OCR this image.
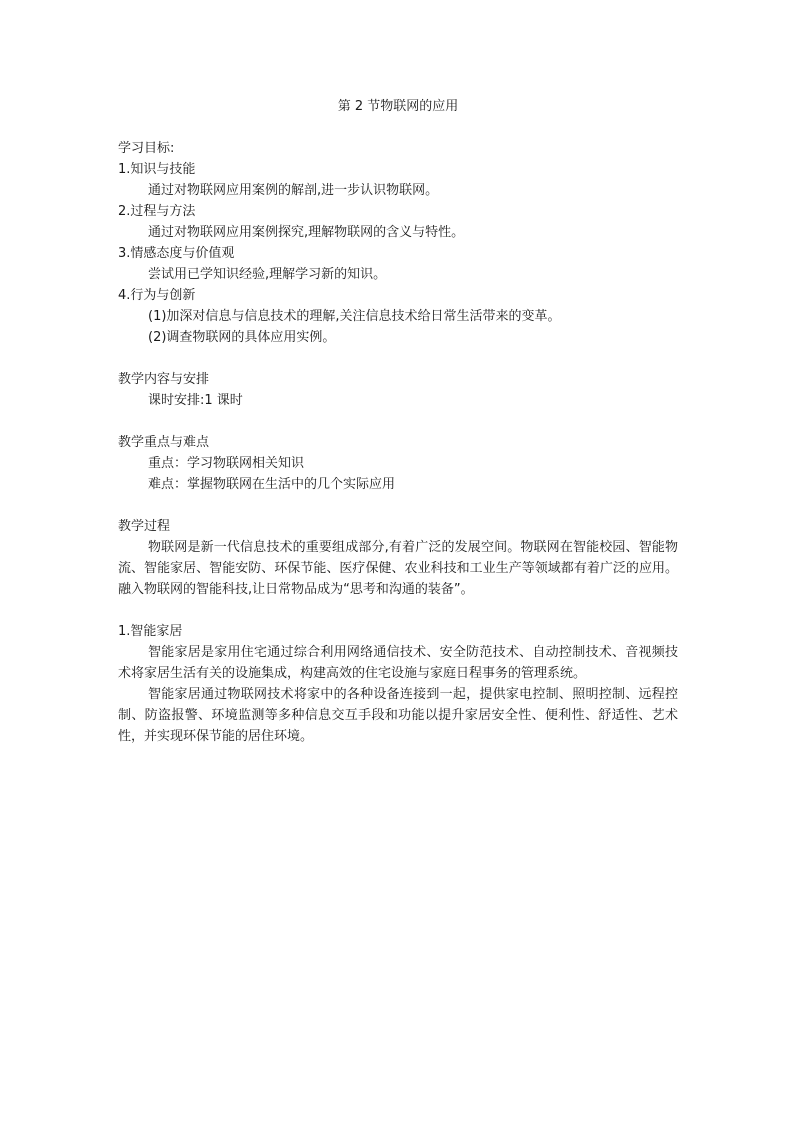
第 2 节物联网的应用

学习目标:

1.知识与技能

通过对物联网应用案例的解剖,进一步认识物联网。

2.过程与方法

通过对物联网应用案例探究,理解物联网的含义与特性。

3.情感态度与价值观

尝试用已学知识经验,理解学习新的知识。

4.行为与创新

(1)加深对信息与信息技术的理解,关注信息技术给日常生活带来的变革。

(2)调查物联网的具体应用实例。

教学内容与安排

课时安排:1 课时

教学重点与难点

重点：学习物联网相关知识

难点：掌握物联网在生活中的几个实际应用

教学过程

物联网是新一代信息技术的重要组成部分,有着广泛的发展空间。物联网在智能校园、智能物流、智能家居、智能安防、环保节能、医疗保健、农业科技和工业生产等领域都有着广泛的应用。融入物联网的智能科技,让日常物品成为“思考和沟通的装备”。

1.智能家居

智能家居是家用住宅通过综合利用网络通信技术、安全防范技术、自动控制技术、音视频技术将家居生活有关的设施集成，构建高效的住宅设施与家庭日程事务的管理系统。

智能家居通过物联网技术将家中的各种设备连接到一起，提供家电控制、照明控制、远程控制、防盗报警、环境监测等多种信息交互手段和功能以提升家居安全性、便利性、舒适性、艺术性，并实现环保节能的居住环境。
